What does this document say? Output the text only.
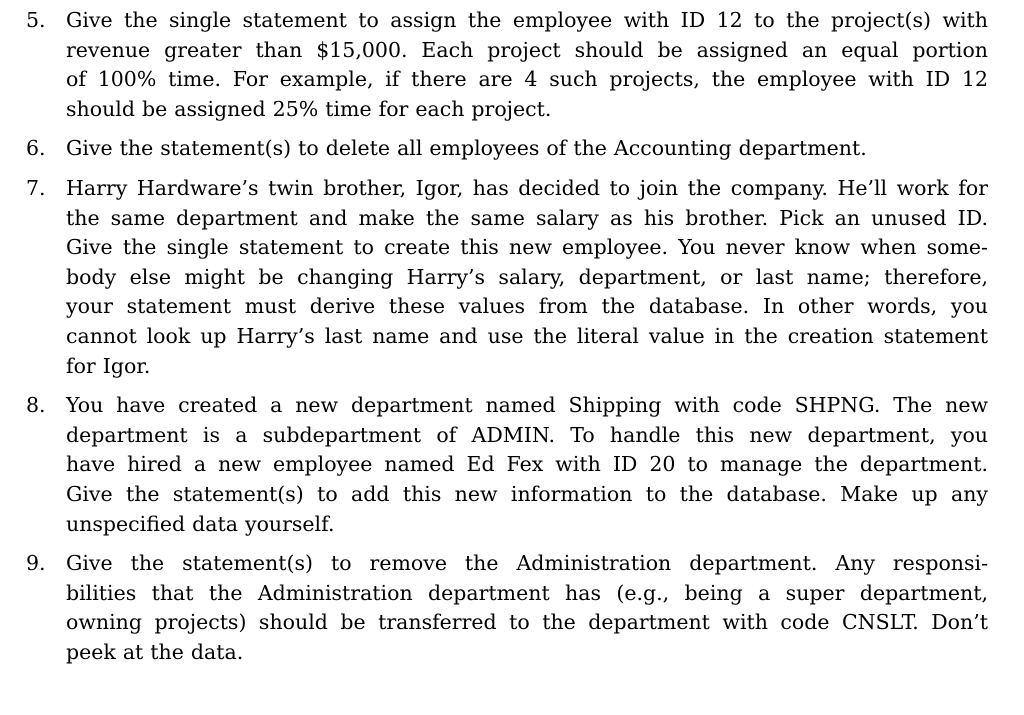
5. Give the single statement to assign the employee with ID 12 to the project(s) with
revenue greater than $15,000. Each project should be assigned an equal portion
of 100% time. For example, if there are 4 such projects, the employee with ID 12
should be assigned 25% time for each project.
6. Give the statement(s) to delete all employees of the Accounting department.
7. Harry Hardware’s twin brother, Igor, has decided to join the company. He’ll work for
the same department and make the same salary as his brother. Pick an unused ID.
Give the single statement to create this new employee. You never know when some-
body else might be changing Harry’s salary, department, or last name; therefore,
your statement must derive these values from the database. In other words, you
cannot look up Harry’s last name and use the literal value in the creation statement
for Igor.
8. You have created a new department named Shipping with code SHPNG. The new
department is a subdepartment of ADMIN. To handle this new department, you
have hired a new employee named Ed Fex with ID 20 to manage the department.
Give the statement(s) to add this new information to the database. Make up any
unspecified data yourself.
9. Give the statement(s) to remove the Administration department. Any responsi-
bilities that the Administration department has (e.g., being a super department,
owning projects) should be transferred to the department with code CNSLT. Don’t
peek at the data.
